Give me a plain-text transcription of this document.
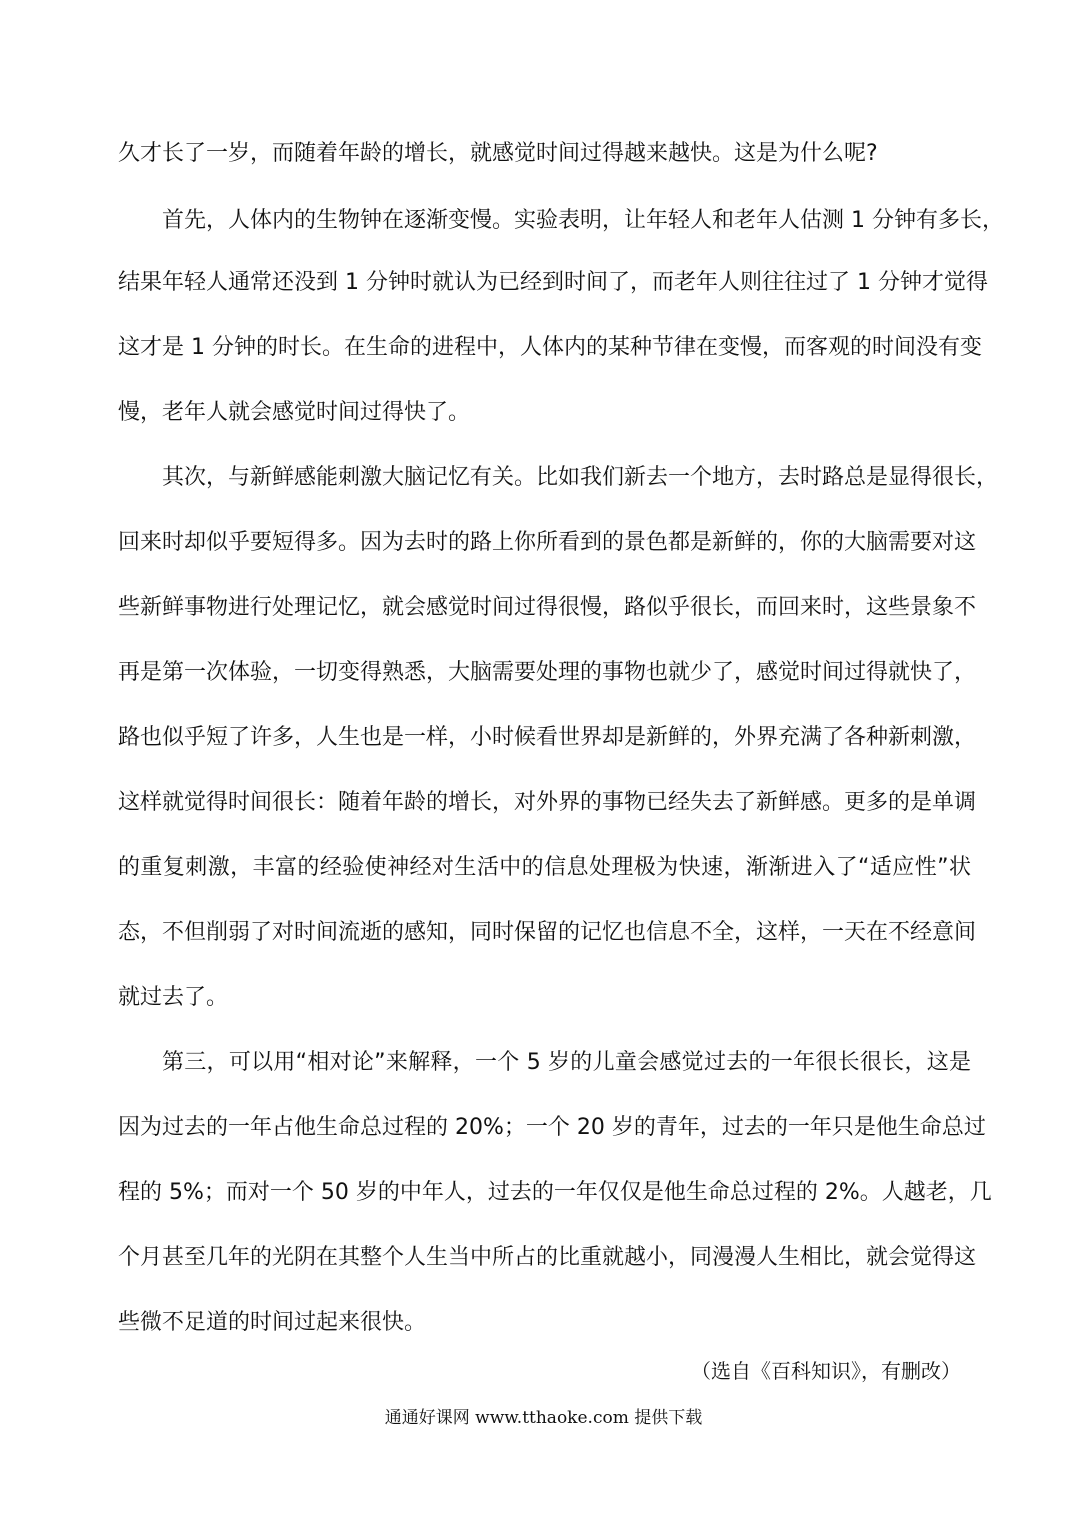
久才长了一岁，而随着年龄的增长，就感觉时间过得越来越快。这是为什么呢?
首先，人体内的生物钟在逐渐变慢。实验表明，让年轻人和老年人估测 1 分钟有多长，
结果年轻人通常还没到 1 分钟时就认为已经到时间了，而老年人则往往过了 1 分钟才觉得
这才是 1 分钟的时长。在生命的进程中，人体内的某种节律在变慢，而客观的时间没有变
慢，老年人就会感觉时间过得快了。
其次，与新鲜感能刺激大脑记忆有关。比如我们新去一个地方，去时路总是显得很长，
回来时却似乎要短得多。因为去时的路上你所看到的景色都是新鲜的，你的大脑需要对这
些新鲜事物进行处理记忆，就会感觉时间过得很慢，路似乎很长，而回来时，这些景象不
再是第一次体验，一切变得熟悉，大脑需要处理的事物也就少了，感觉时间过得就快了，
路也似乎短了许多，人生也是一样，小时候看世界却是新鲜的，外界充满了各种新刺激，
这样就觉得时间很长：随着年龄的增长，对外界的事物已经失去了新鲜感。更多的是单调
的重复刺激，丰富的经验使神经对生活中的信息处理极为快速，渐渐进入了“适应性”状
态，不但削弱了对时间流逝的感知，同时保留的记忆也信息不全，这样，一天在不经意间
就过去了。
第三，可以用“相对论”来解释，一个 5 岁的儿童会感觉过去的一年很长很长，这是
因为过去的一年占他生命总过程的 20%；一个 20 岁的青年，过去的一年只是他生命总过
程的 5%；而对一个 50 岁的中年人，过去的一年仅仅是他生命总过程的 2%。人越老，几
个月甚至几年的光阴在其整个人生当中所占的比重就越小，同漫漫人生相比，就会觉得这
些微不足道的时间过起来很快。
（选自《百科知识》，有删改）
通通好课网 www.tthaoke.com 提供下载
